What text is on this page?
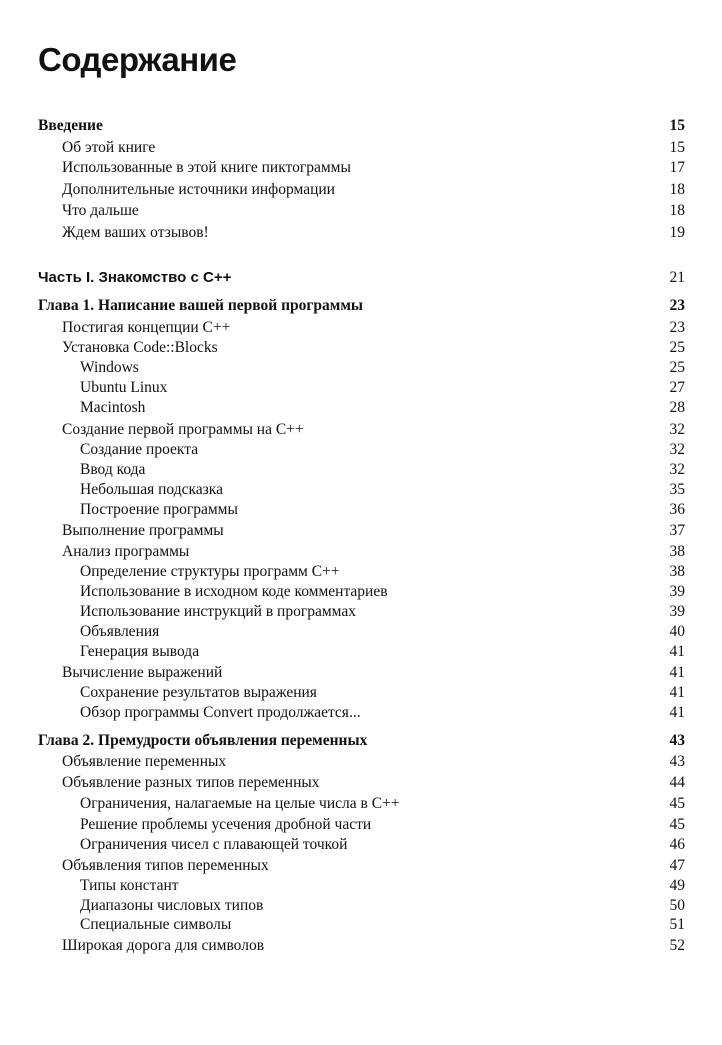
Содержание
Введение	15
Об этой книге	15
Использованные в этой книге пиктограммы	17
Дополнительные источники информации	18
Что дальше	18
Ждем ваших отзывов!	19
Часть I. Знакомство с C++	21
Глава 1. Написание вашей первой программы	23
Постигая концепции C++	23
Установка Code::Blocks	25
Windows	25
Ubuntu Linux	27
Macintosh	28
Создание первой программы на C++	32
Создание проекта	32
Ввод кода	32
Небольшая подсказка	35
Построение программы	36
Выполнение программы	37
Анализ программы	38
Определение структуры программ C++	38
Использование в исходном коде комментариев	39
Использование инструкций в программах	39
Объявления	40
Генерация вывода	41
Вычисление выражений	41
Сохранение результатов выражения	41
Обзор программы Convert продолжается...	41
Глава 2. Премудрости объявления переменных	43
Объявление переменных	43
Объявление разных типов переменных	44
Ограничения, налагаемые на целые числа в C++	45
Решение проблемы усечения дробной части	45
Ограничения чисел с плавающей точкой	46
Объявления типов переменных	47
Типы констант	49
Диапазоны числовых типов	50
Специальные символы	51
Широкая дорога для символов	52
